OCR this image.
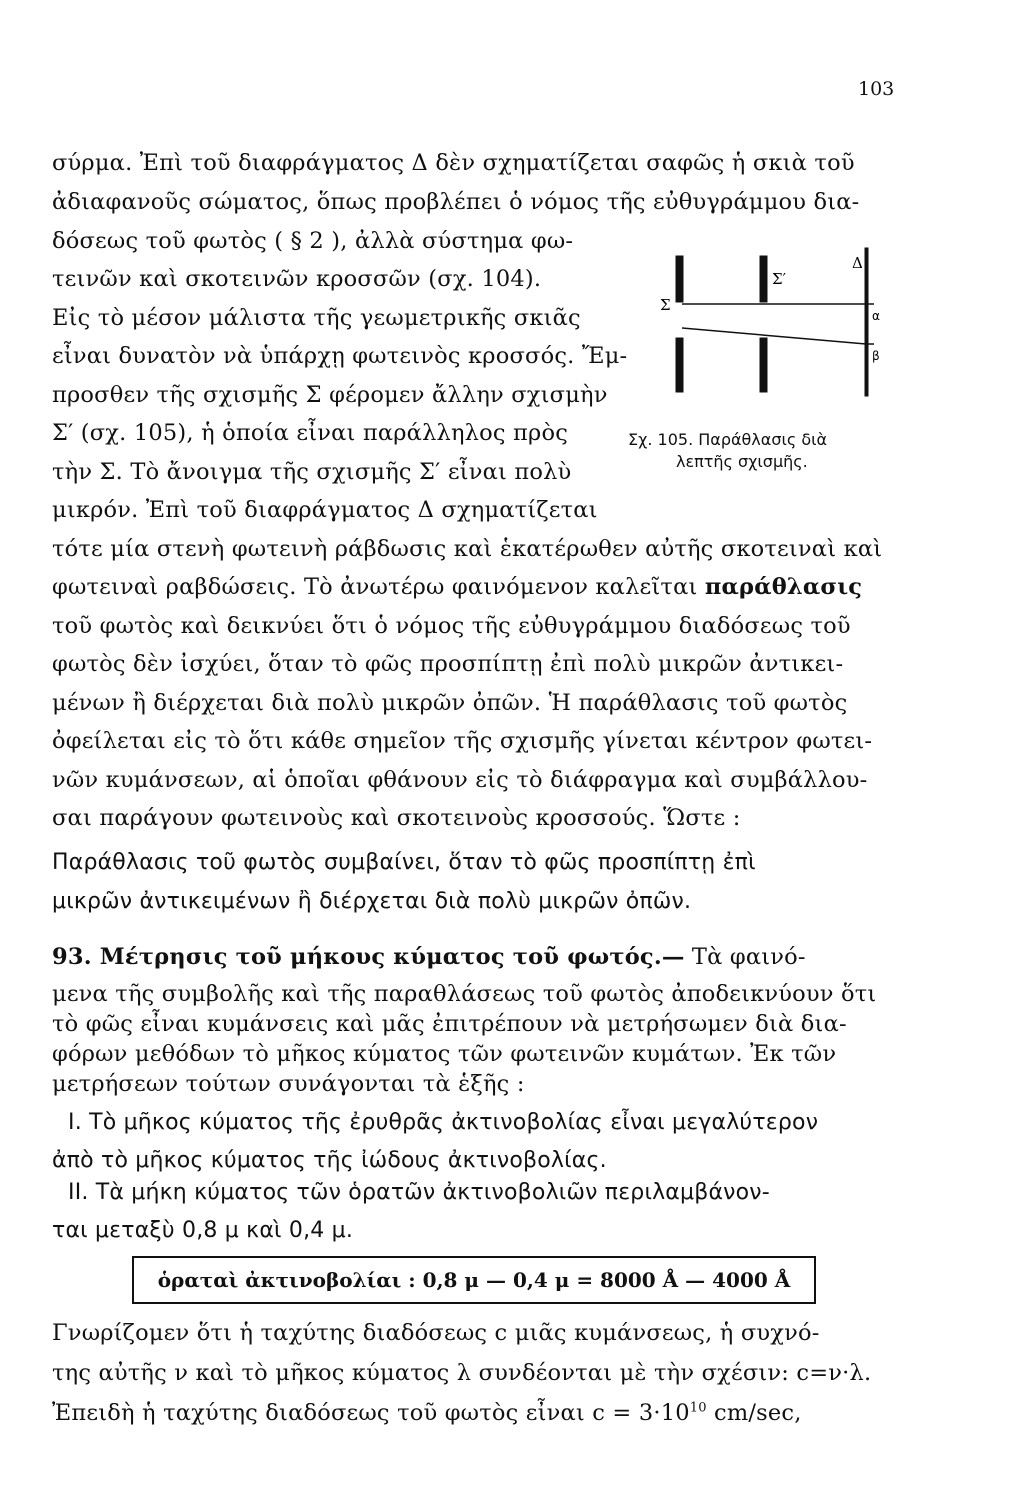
103
σύρμα. Ἐπὶ τοῦ διαφράγματος Δ δὲν σχηματίζεται σαφῶς ἡ σκιὰ τοῦ
ἀδιαφανοῦς σώματος, ὅπως προβλέπει ὁ νόμος τῆς εὐθυγράμμου δια-
δόσεως τοῦ φωτὸς ( § 2 ), ἀλλὰ σύστημα φω-
τεινῶν καὶ σκοτεινῶν κροσσῶν (σχ. 104).
Εἰς τὸ μέσον μάλιστα τῆς γεωμετρικῆς σκιᾶς
εἶναι δυνατὸν νὰ ὑπάρχῃ φωτεινὸς κροσσός. Ἔμ-
προσθεν τῆς σχισμῆς Σ φέρομεν ἄλλην σχισμὴν
Σ′ (σχ. 105), ἡ ὁποία εἶναι παράλληλος πρὸς
τὴν Σ. Τὸ ἄνοιγμα τῆς σχισμῆς Σ′ εἶναι πολὺ
μικρόν. Ἐπὶ τοῦ διαφράγματος Δ σχηματίζεται
τότε μία στενὴ φωτεινὴ ράβδωσις καὶ ἑκατέρωθεν αὐτῆς σκοτειναὶ καὶ
φωτειναὶ ραβδώσεις. Τὸ ἀνωτέρω φαινόμενον καλεῖται παράθλασις
τοῦ φωτὸς καὶ δεικνύει ὅτι ὁ νόμος τῆς εὐθυγράμμου διαδόσεως τοῦ
φωτὸς δὲν ἰσχύει, ὅταν τὸ φῶς προσπίπτῃ ἐπὶ πολὺ μικρῶν ἀντικει-
μένων ἢ διέρχεται διὰ πολὺ μικρῶν ὀπῶν. Ἡ παράθλασις τοῦ φωτὸς
ὀφείλεται εἰς τὸ ὅτι κάθε σημεῖον τῆς σχισμῆς γίνεται κέντρον φωτει-
νῶν κυμάνσεων, αἱ ὁποῖαι φθάνουν εἰς τὸ διάφραγμα καὶ συμβάλλου-
σαι παράγουν φωτεινοὺς καὶ σκοτεινοὺς κροσσούς. Ὥστε :
Παράθλασις τοῦ φωτὸς συμβαίνει, ὅταν τὸ φῶς προσπίπτῃ ἐπὶ
μικρῶν ἀντικειμένων ἢ διέρχεται διὰ πολὺ μικρῶν ὀπῶν.
93. Μέτρησις τοῦ μήκους κύματος τοῦ φωτός.— Τὰ φαινό-
μενα τῆς συμβολῆς καὶ τῆς παραθλάσεως τοῦ φωτὸς ἀποδεικνύουν ὅτι
τὸ φῶς εἶναι κυμάνσεις καὶ μᾶς ἐπιτρέπουν νὰ μετρήσωμεν διὰ δια-
φόρων μεθόδων τὸ μῆκος κύματος τῶν φωτεινῶν κυμάτων. Ἐκ τῶν
μετρήσεων τούτων συνάγονται τὰ ἑξῆς :
I. Τὸ μῆκος κύματος τῆς ἐρυθρᾶς ἀκτινοβολίας εἶναι μεγαλύτερον
ἀπὸ τὸ μῆκος κύματος τῆς ἰώδους ἀκτινοβολίας.
ὁραταὶ ἀκτινοβολίαι : 0,8 μ — 0,4 μ = 8000 Å — 4000 Å
Γνωρίζομεν ὅτι ἡ ταχύτης διαδόσεως c μιᾶς κυμάνσεως, ἡ συχνό-
της αὐτῆς ν καὶ τὸ μῆκος κύματος λ συνδέονται μὲ τὴν σχέσιν: c=ν·λ.
Ἐπειδὴ ἡ ταχύτης διαδόσεως τοῦ φωτὸς εἶναι $c = 3\cdot 10^{10}$ cm/sec,
Σ
Σ′
Δ
α
β
Σχ. 105. Παράθλασις διὰ
λεπτῆς σχισμῆς.
II. Τὰ μήκη κύματος τῶν ὁρατῶν ἀκτινοβολιῶν περιλαμβάνον-
ται μεταξὺ 0,8 μ καὶ 0,4 μ.
